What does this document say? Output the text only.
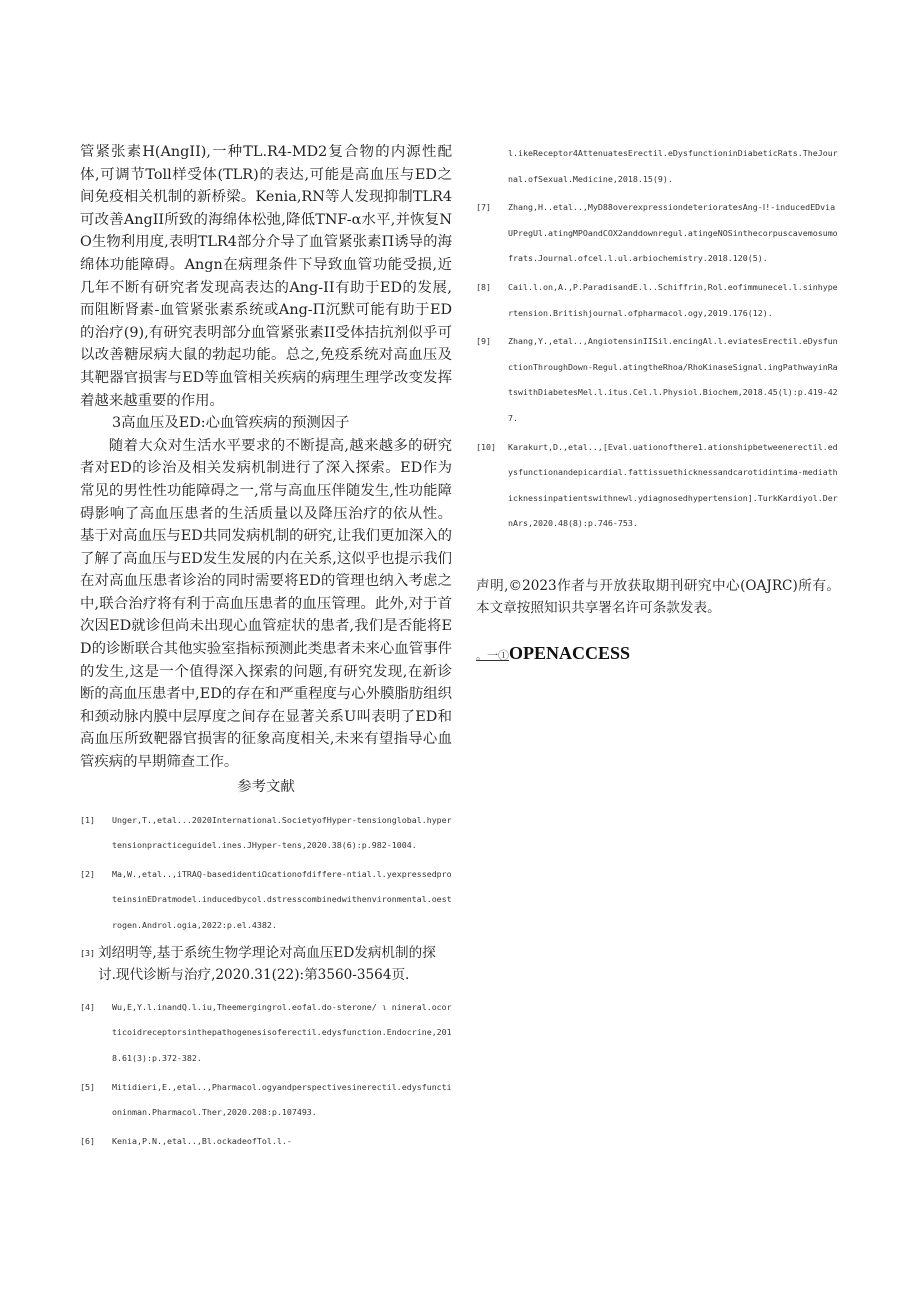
管紧张素H(AngII),一种TL.R4-MD2复合物的内源性配体,可调节Toll样受体(TLR)的表达,可能是高血压与ED之间免疫相关机制的新桥梁。Kenia,RN等人发现抑制TLR4可改善AngII所致的海绵体松弛,降低TNF-α水平,并恢复NO生物利用度,表明TLR4部分介导了血管紧张素Π诱导的海绵体功能障碍。Angn在病理条件下导致血管功能受损,近几年不断有研究者发现高表达的Ang-II有助于ED的发展,而阻断肾素-血管紧张素系统或Ang-Π沉默可能有助于ED的治疗(9),有研究表明部分血管紧张素II受体拮抗剂似乎可以改善糖尿病大鼠的勃起功能。总之,免疫系统对高血压及其靶器官损害与ED等血管相关疾病的病理生理学改变发挥着越来越重要的作用。

3高血压及ED:心血管疾病的预测因子

随着大众对生活水平要求的不断提高,越来越多的研究者对ED的诊治及相关发病机制进行了深入探索。ED作为常见的男性性功能障碍之一,常与高血压伴随发生,性功能障碍影响了高血压患者的生活质量以及降压治疗的依从性。基于对高血压与ED共同发病机制的研究,让我们更加深入的了解了高血压与ED发生发展的内在关系,这似乎也提示我们在对高血压患者诊治的同时需要将ED的管理也纳入考虑之中,联合治疗将有利于高血压患者的血压管理。此外,对于首次因ED就诊但尚未出现心血管症状的患者,我们是否能将ED的诊断联合其他实验室指标预测此类患者未来心血管事件的发生,这是一个值得深入探索的问题,有研究发现,在新诊断的高血压患者中,ED的存在和严重程度与心外膜脂肪组织和颈动脉内膜中层厚度之间存在显著关系U叫表明了ED和高血压所致靶器官损害的征象高度相关,未来有望指导心血管疾病的早期筛查工作。

参考文献
[1]	Unger,T.,etal...2020International.SocietyofHyper-tensionglobal.hypertensionpracticeguidel.ines.JHyper-tens,2020.38(6):p.982-1004.
[2]	Ma,W.,etal..,iTRAQ-basedidentiΩcationofdiffere-ntial.l.yexpressedproteinsinEDratmodel.inducedbycol.dstresscombinedwithenvironmental.oestrogen.Androl.ogia,2022:p.el.4382.
[3] 刘绍明等,基于系统生物学理论对高血压ED发病机制的探讨.现代诊断与治疗,2020.31(22):第3560-3564页.
[4]	Wu,E,Y.l.inandQ.l.iu,Theemergingrol.eofal.do-sterone/ ι nineral.ocorticoidreceptorsinthepathogenesisoferectil.edysfunction.Endocrine,2018.61(3):p.372-382.
[5]	Mitidieri,E.,etal..,Pharmacol.ogyandperspectivesinerectil.edysfunctioninman.Pharmacol.Ther,2020.208:p.107493.
[6]	Kenia,P.N.,etal..,Bl.ockadeofTol.l.-
l.ikeReceptor4AttenuatesErectil.eDysfunctioninDiabeticRats.TheJournal.ofSexual.Medicine,2018.15(9).
[7]	Zhang,H..etal..,MyD88overexpressiondeterioratesAng-Ⅰ!-inducedEDviaUPregUl.atingMPOandCOX2anddownregul.atingeNOSinthecorpuscavemosumofrats.Journal.ofcel.l.ul.arbiochemistry.2018.120(5).
[8]	Cail.l.on,A.,P.ParadisandE.l..Schiffrin,Rol.eofimmunecel.l.sinhypertension.Britishjournal.ofpharmacol.ogy,2019.176(12).
[9]	Zhang,Y.,etal..,AngiotensinIISil.encingAl.l.eviatesErectil.eDysfunctionThroughDown-Regul.atingtheRhoa/RhoKinaseSignal.ingPathwayinRatswithDiabetesMel.l.itus.Cel.l.Physiol.Biochem,2018.45(l):p.419-427.
[10]	Karakurt,D.,etal..,[Eval.uationofthere1.ationshipbetweenerectil.edysfunctionandepicardial.fattissuethicknessandcarotidintima-mediathicknessinpatientswithnewl.ydiagnosedhypertension].TurkKardiyol.DernArs,2020.48(8):p.746-753.

声明,©2023作者与开放获取期刊研究中心(OAJRC)所有。本文章按照知识共享署名许可条款发表。

。一① OPENACCESS
